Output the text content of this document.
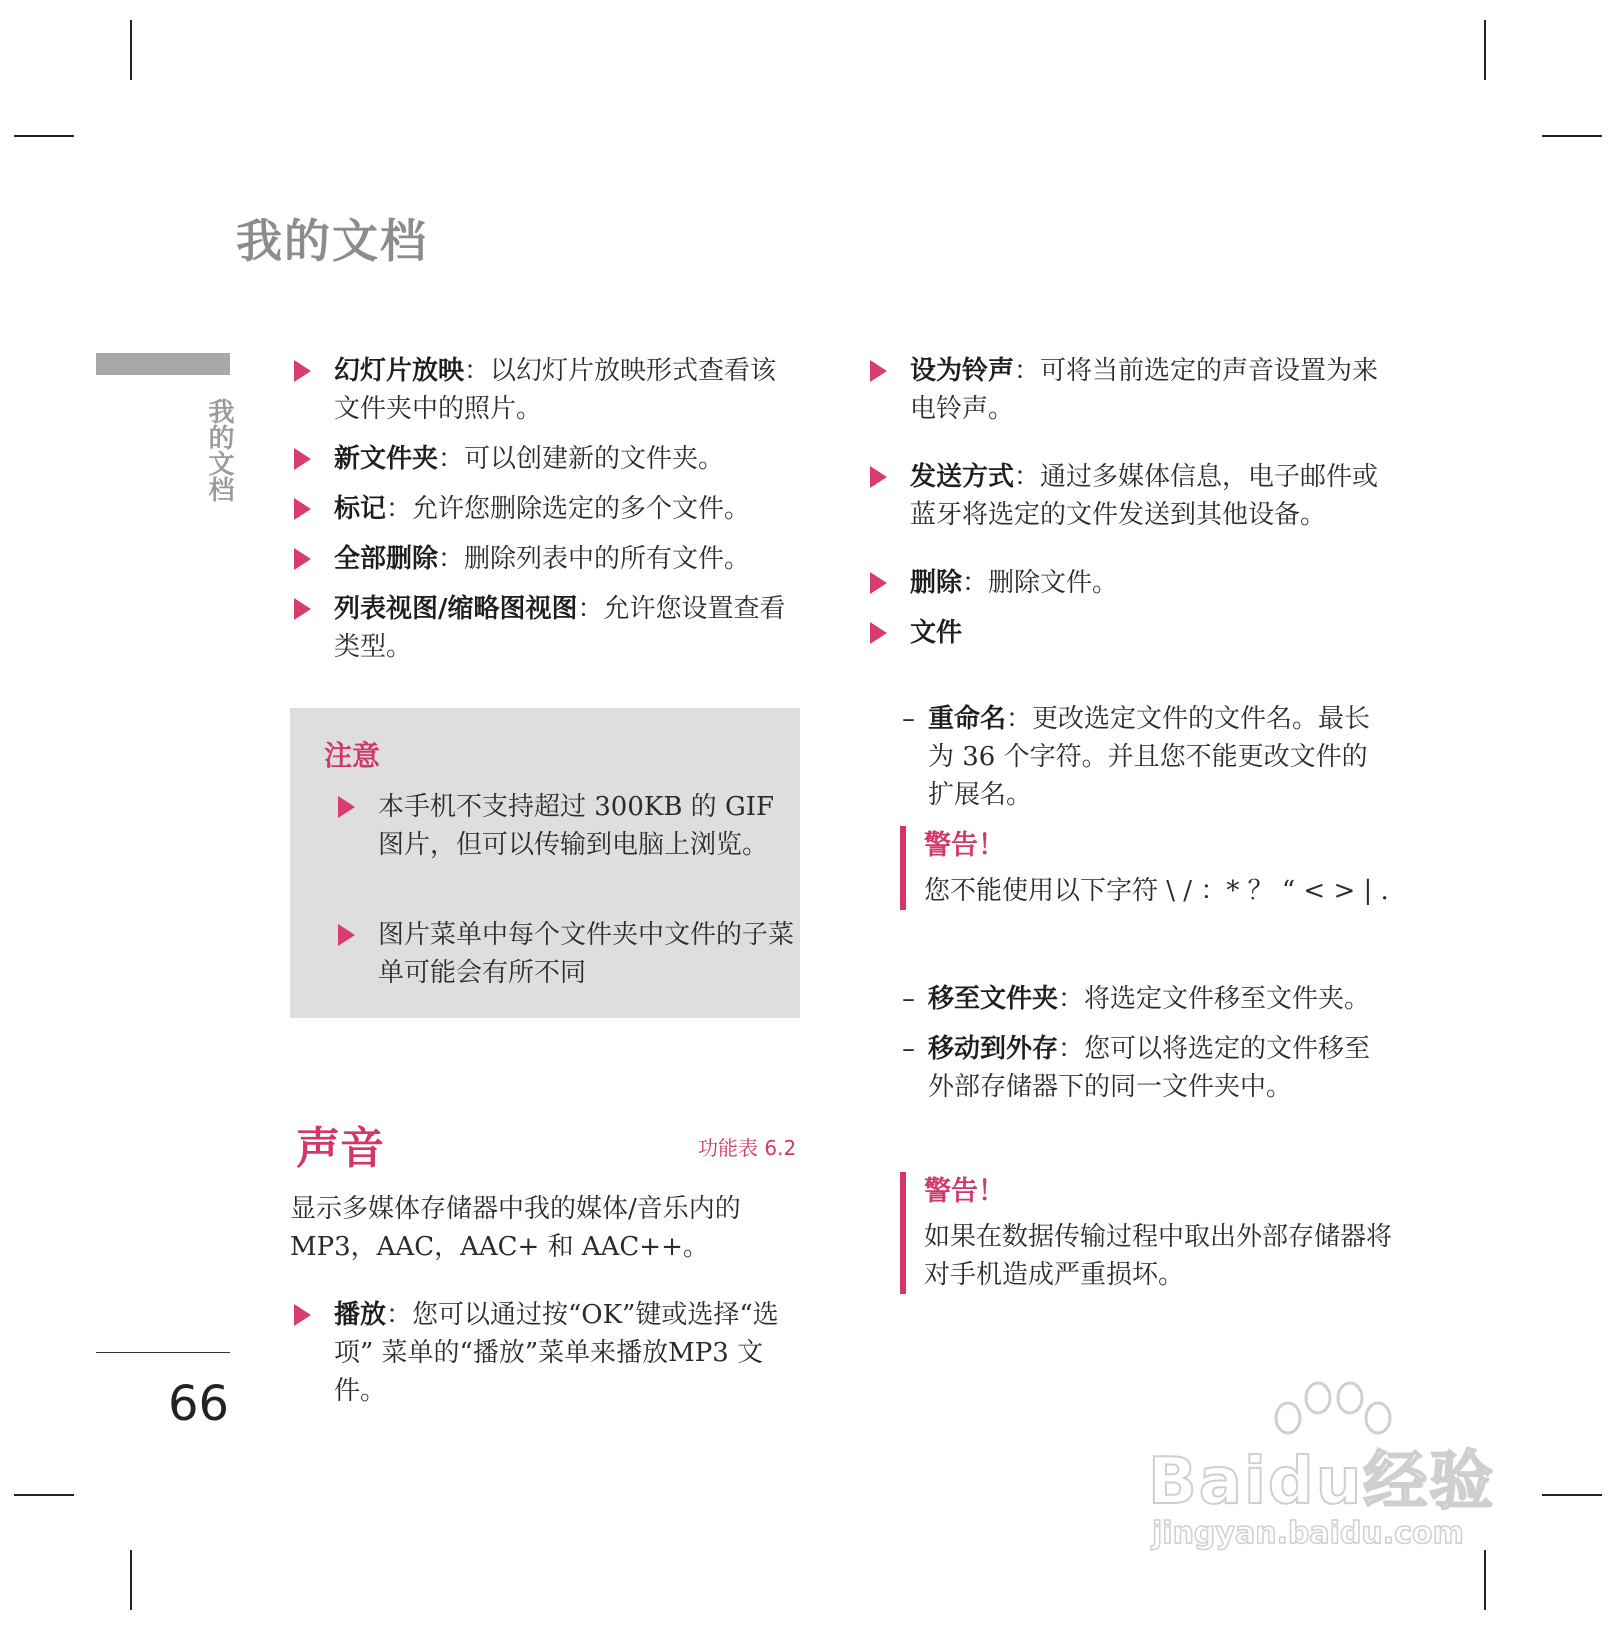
我的文档
我的文档
66
幻灯片放映：以幻灯片放映形式查看该文件夹中的照片。
新文件夹：可以创建新的文件夹。
标记：允许您删除选定的多个文件。
全部删除：删除列表中的所有文件。
列表视图/缩略图视图：允许您设置查看类型。
注意
本手机不支持超过 300KB 的 GIF 图片，但可以传输到电脑上浏览。
图片菜单中每个文件夹中文件的子菜单可能会有所不同
声音	功能表 6.2
显示多媒体存储器中我的媒体/音乐内的 MP3，AAC，AAC+ 和 AAC++。
播放：您可以通过按“OK”键或选择“选项” 菜单的“播放”菜单来播放MP3 文件。
设为铃声：可将当前选定的声音设置为来电铃声。
发送方式：通过多媒体信息，电子邮件或蓝牙将选定的文件发送到其他设备。
删除：删除文件。
文件
– 重命名：更改选定文件的文件名。最长为 36 个字符。并且您不能更改文件的扩展名。
警告！
您不能使用以下字符 \ / ：* ？ “ < > | .
– 移至文件夹：将选定文件移至文件夹。
– 移动到外存：您可以将选定的文件移至外部存储器下的同一文件夹中。
警告！
如果在数据传输过程中取出外部存储器将对手机造成严重损坏。
Baidu经验
jingyan.baidu.com
